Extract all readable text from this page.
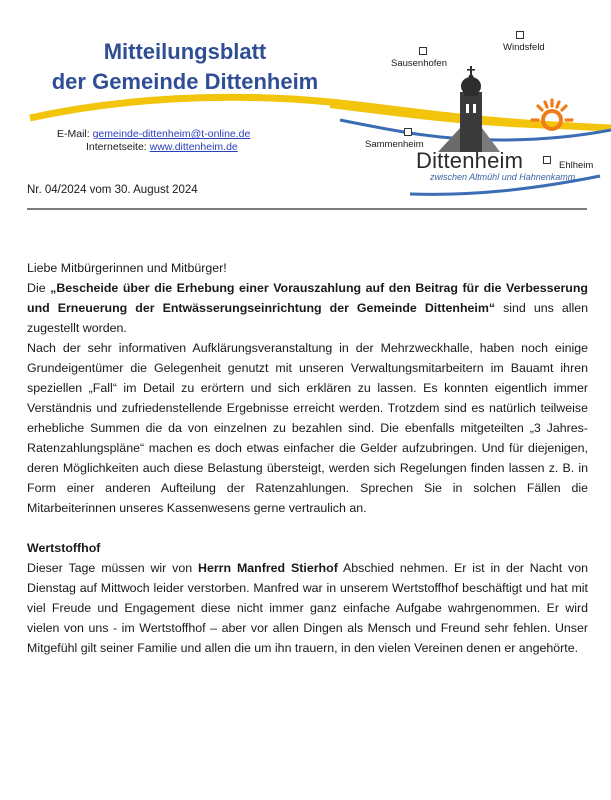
Mitteilungsblatt
der Gemeinde Dittenheim
E-Mail: gemeinde-dittenheim@t-online.de
Internetseite: www.dittenheim.de
Sausenhofen
Windsfeld
Sammenheim
Ehlheim
Dittenheim
zwischen Altmühl und Hahnenkamm
Nr. 04/2024 vom 30. August 2024

Liebe Mitbürgerinnen und Mitbürger!

Die „Bescheide über die Erhebung einer Vorauszahlung auf den Beitrag für die Verbesserung und Erneuerung der Entwässerungseinrichtung der Gemeinde Dittenheim“ sind uns allen zugestellt worden.

Nach der sehr informativen Aufklärungsveranstaltung in der Mehrzweckhalle, haben noch einige Grundeigentümer die Gelegenheit genutzt mit unseren Verwaltungsmitarbeitern im Bauamt ihren speziellen „Fall“ im Detail zu erörtern und sich erklären zu lassen. Es konnten eigentlich immer Verständnis und zufriedenstellende Ergebnisse erreicht werden. Trotzdem sind es natürlich teilweise erhebliche Summen die da von einzelnen zu bezahlen sind. Die ebenfalls mitgeteilten „3 Jahres-Ratenzahlungspläne“ machen es doch etwas einfacher die Gelder aufzubringen. Und für diejenigen, deren Möglichkeiten auch diese Belastung übersteigt, werden sich Regelungen finden lassen z. B. in Form einer anderen Aufteilung der Ratenzahlungen. Sprechen Sie in solchen Fällen die Mitarbeiterinnen unseres Kassenwesens gerne vertraulich an.

Wertstoffhof

Dieser Tage müssen wir von Herrn Manfred Stierhof Abschied nehmen. Er ist in der Nacht von Dienstag auf Mittwoch leider verstorben. Manfred war in unserem Wertstoffhof beschäftigt und hat mit viel Freude und Engagement diese nicht immer ganz einfache Aufgabe wahrgenommen. Er wird vielen von uns - im Wertstoffhof – aber vor allen Dingen als Mensch und Freund sehr fehlen. Unser Mitgefühl gilt seiner Familie und allen die um ihn trauern, in den vielen Vereinen denen er angehörte.
